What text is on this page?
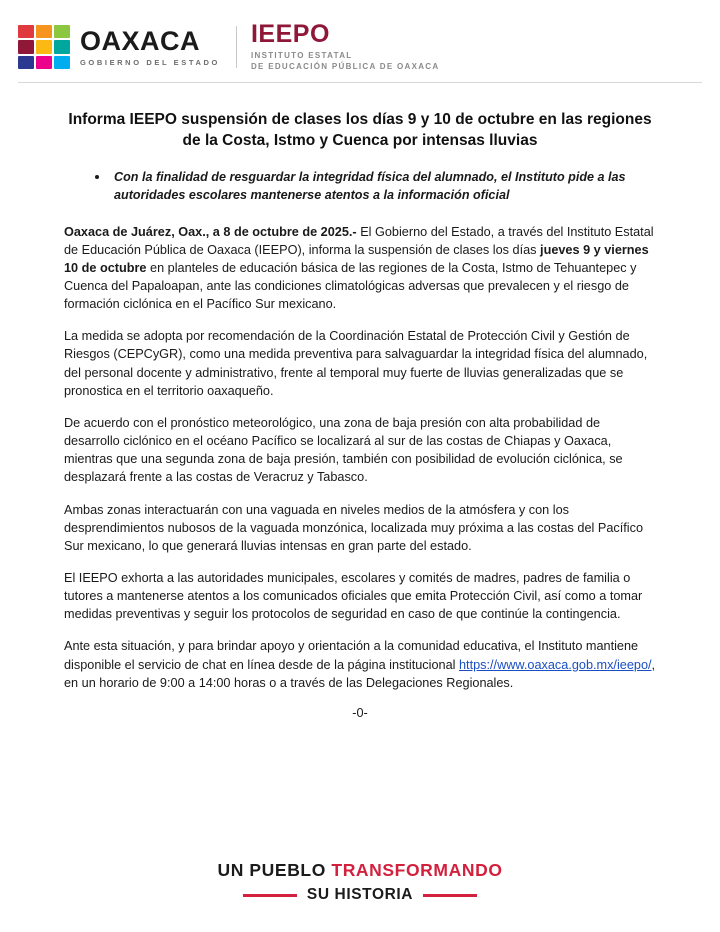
OAXACA
GOBIERNO DEL ESTADO
IEEPO
INSTITUTO ESTATAL
DE EDUCACIÓN PÚBLICA DE OAXACA
Informa IEEPO suspensión de clases los días 9 y 10 de octubre en las regiones de la Costa, Istmo y Cuenca por intensas lluvias
• Con la finalidad de resguardar la integridad física del alumnado, el Instituto pide a las autoridades escolares mantenerse atentos a la información oficial

Oaxaca de Juárez, Oax., a 8 de octubre de 2025.- El Gobierno del Estado, a través del Instituto Estatal de Educación Pública de Oaxaca (IEEPO), informa la suspensión de clases los días jueves 9 y viernes 10 de octubre en planteles de educación básica de las regiones de la Costa, Istmo de Tehuantepec y Cuenca del Papaloapan, ante las condiciones climatológicas adversas que prevalecen y el riesgo de formación ciclónica en el Pacífico Sur mexicano.

La medida se adopta por recomendación de la Coordinación Estatal de Protección Civil y Gestión de Riesgos (CEPCyGR), como una medida preventiva para salvaguardar la integridad física del alumnado, del personal docente y administrativo, frente al temporal muy fuerte de lluvias generalizadas que se pronostica en el territorio oaxaqueño.

De acuerdo con el pronóstico meteorológico, una zona de baja presión con alta probabilidad de desarrollo ciclónico en el océano Pacífico se localizará al sur de las costas de Chiapas y Oaxaca, mientras que una segunda zona de baja presión, también con posibilidad de evolución ciclónica, se desplazará frente a las costas de Veracruz y Tabasco.

Ambas zonas interactuarán con una vaguada en niveles medios de la atmósfera y con los desprendimientos nubosos de la vaguada monzónica, localizada muy próxima a las costas del Pacífico Sur mexicano, lo que generará lluvias intensas en gran parte del estado.

El IEEPO exhorta a las autoridades municipales, escolares y comités de madres, padres de familia o tutores a mantenerse atentos a los comunicados oficiales que emita Protección Civil, así como a tomar medidas preventivas y seguir los protocolos de seguridad en caso de que continúe la contingencia.

Ante esta situación, y para brindar apoyo y orientación a la comunidad educativa, el Instituto mantiene disponible el servicio de chat en línea desde de la página institucional https://www.oaxaca.gob.mx/ieepo/, en un horario de 9:00 a 14:00 horas o a través de las Delegaciones Regionales.

-0-

UN PUEBLO TRANSFORMANDO
SU HISTORIA
